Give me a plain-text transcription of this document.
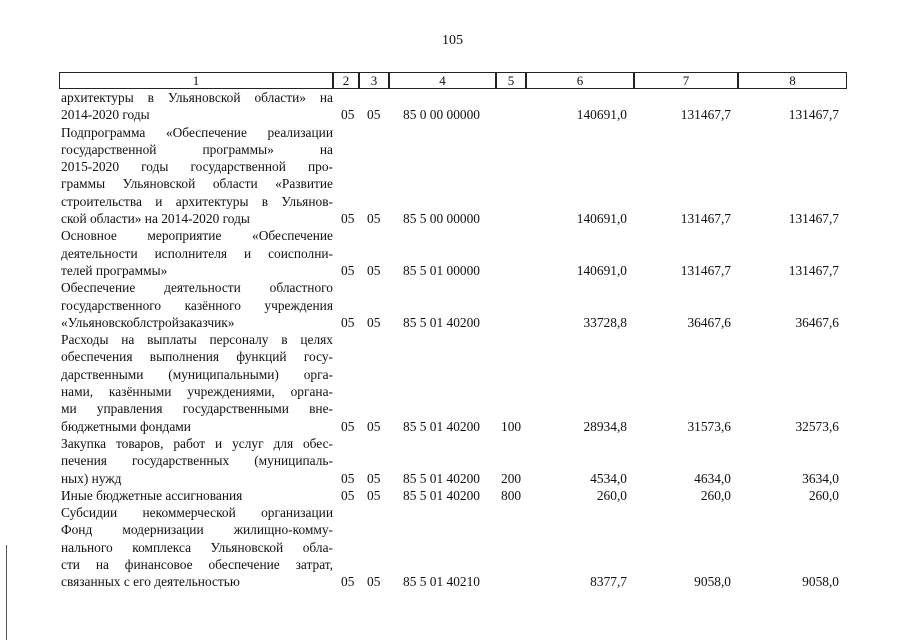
105
1	2	3	4	5	6	7	8
архитектуры в Ульяновской области» на
2014-2020 годы	05 05 85 0 00 00000	140691,0	131467,7	131467,7
Подпрограмма «Обеспечение реализации
государственной программы» на
2015-2020 годы государственной про-
граммы Ульяновской области «Развитие
строительства и архитектуры в Ульянов-
ской области» на 2014-2020 годы	05 05 85 5 00 00000	140691,0	131467,7	131467,7
Основное мероприятие «Обеспечение
деятельности исполнителя и соисполни-
телей программы»	05 05 85 5 01 00000	140691,0	131467,7	131467,7
Обеспечение деятельности областного
государственного казённого учреждения
«Ульяновскоблстройзаказчик»	05 05 85 5 01 40200	33728,8	36467,6	36467,6
Расходы на выплаты персоналу в целях
обеспечения выполнения функций госу-
дарственными (муниципальными) орга-
нами, казёнными учреждениями, органа-
ми управления государственными вне-
бюджетными фондами	05 05 85 5 01 40200 100	28934,8	31573,6	32573,6
Закупка товаров, работ и услуг для обес-
печения государственных (муниципаль-
ных) нужд	05 05 85 5 01 40200 200	4534,0	4634,0	3634,0
Иные бюджетные ассигнования	05 05 85 5 01 40200 800	260,0	260,0	260,0
Субсидии некоммерческой организации
Фонд модернизации жилищно-комму-
нального комплекса Ульяновской обла-
сти на финансовое обеспечение затрат,
связанных с его деятельностью	05 05 85 5 01 40210	8377,7	9058,0	9058,0
